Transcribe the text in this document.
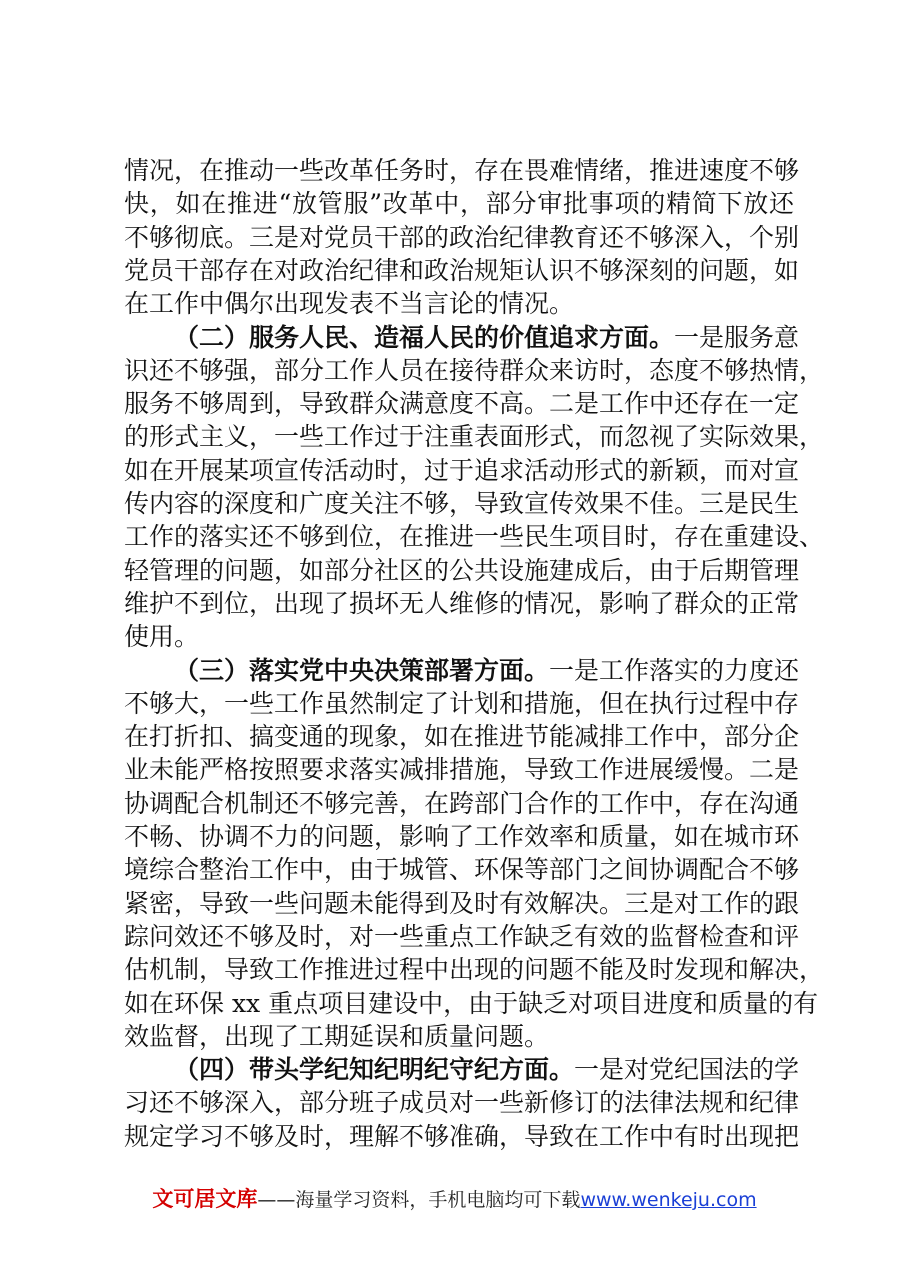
情况，在推动一些改革任务时，存在畏难情绪，推进速度不够
快，如在推进“放管服”改革中，部分审批事项的精简下放还
不够彻底。三是对党员干部的政治纪律教育还不够深入，个别
党员干部存在对政治纪律和政治规矩认识不够深刻的问题，如
在工作中偶尔出现发表不当言论的情况。
（二）服务人民、造福人民的价值追求方面。一是服务意
识还不够强，部分工作人员在接待群众来访时，态度不够热情，
服务不够周到，导致群众满意度不高。二是工作中还存在一定
的形式主义，一些工作过于注重表面形式，而忽视了实际效果，
如在开展某项宣传活动时，过于追求活动形式的新颖，而对宣
传内容的深度和广度关注不够，导致宣传效果不佳。三是民生
工作的落实还不够到位，在推进一些民生项目时，存在重建设、
轻管理的问题，如部分社区的公共设施建成后，由于后期管理
维护不到位，出现了损坏无人维修的情况，影响了群众的正常
使用。
（三）落实党中央决策部署方面。一是工作落实的力度还
不够大，一些工作虽然制定了计划和措施，但在执行过程中存
在打折扣、搞变通的现象，如在推进节能减排工作中，部分企
业未能严格按照要求落实减排措施，导致工作进展缓慢。二是
协调配合机制还不够完善，在跨部门合作的工作中，存在沟通
不畅、协调不力的问题，影响了工作效率和质量，如在城市环
境综合整治工作中，由于城管、环保等部门之间协调配合不够
紧密，导致一些问题未能得到及时有效解决。三是对工作的跟
踪问效还不够及时，对一些重点工作缺乏有效的监督检查和评
估机制，导致工作推进过程中出现的问题不能及时发现和解决，
如在环保 xx 重点项目建设中，由于缺乏对项目进度和质量的有
效监督，出现了工期延误和质量问题。
（四）带头学纪知纪明纪守纪方面。一是对党纪国法的学
习还不够深入，部分班子成员对一些新修订的法律法规和纪律
规定学习不够及时，理解不够准确，导致在工作中有时出现把
文可居文库——海量学习资料，手机电脑均可下载www.wenkeju.com
